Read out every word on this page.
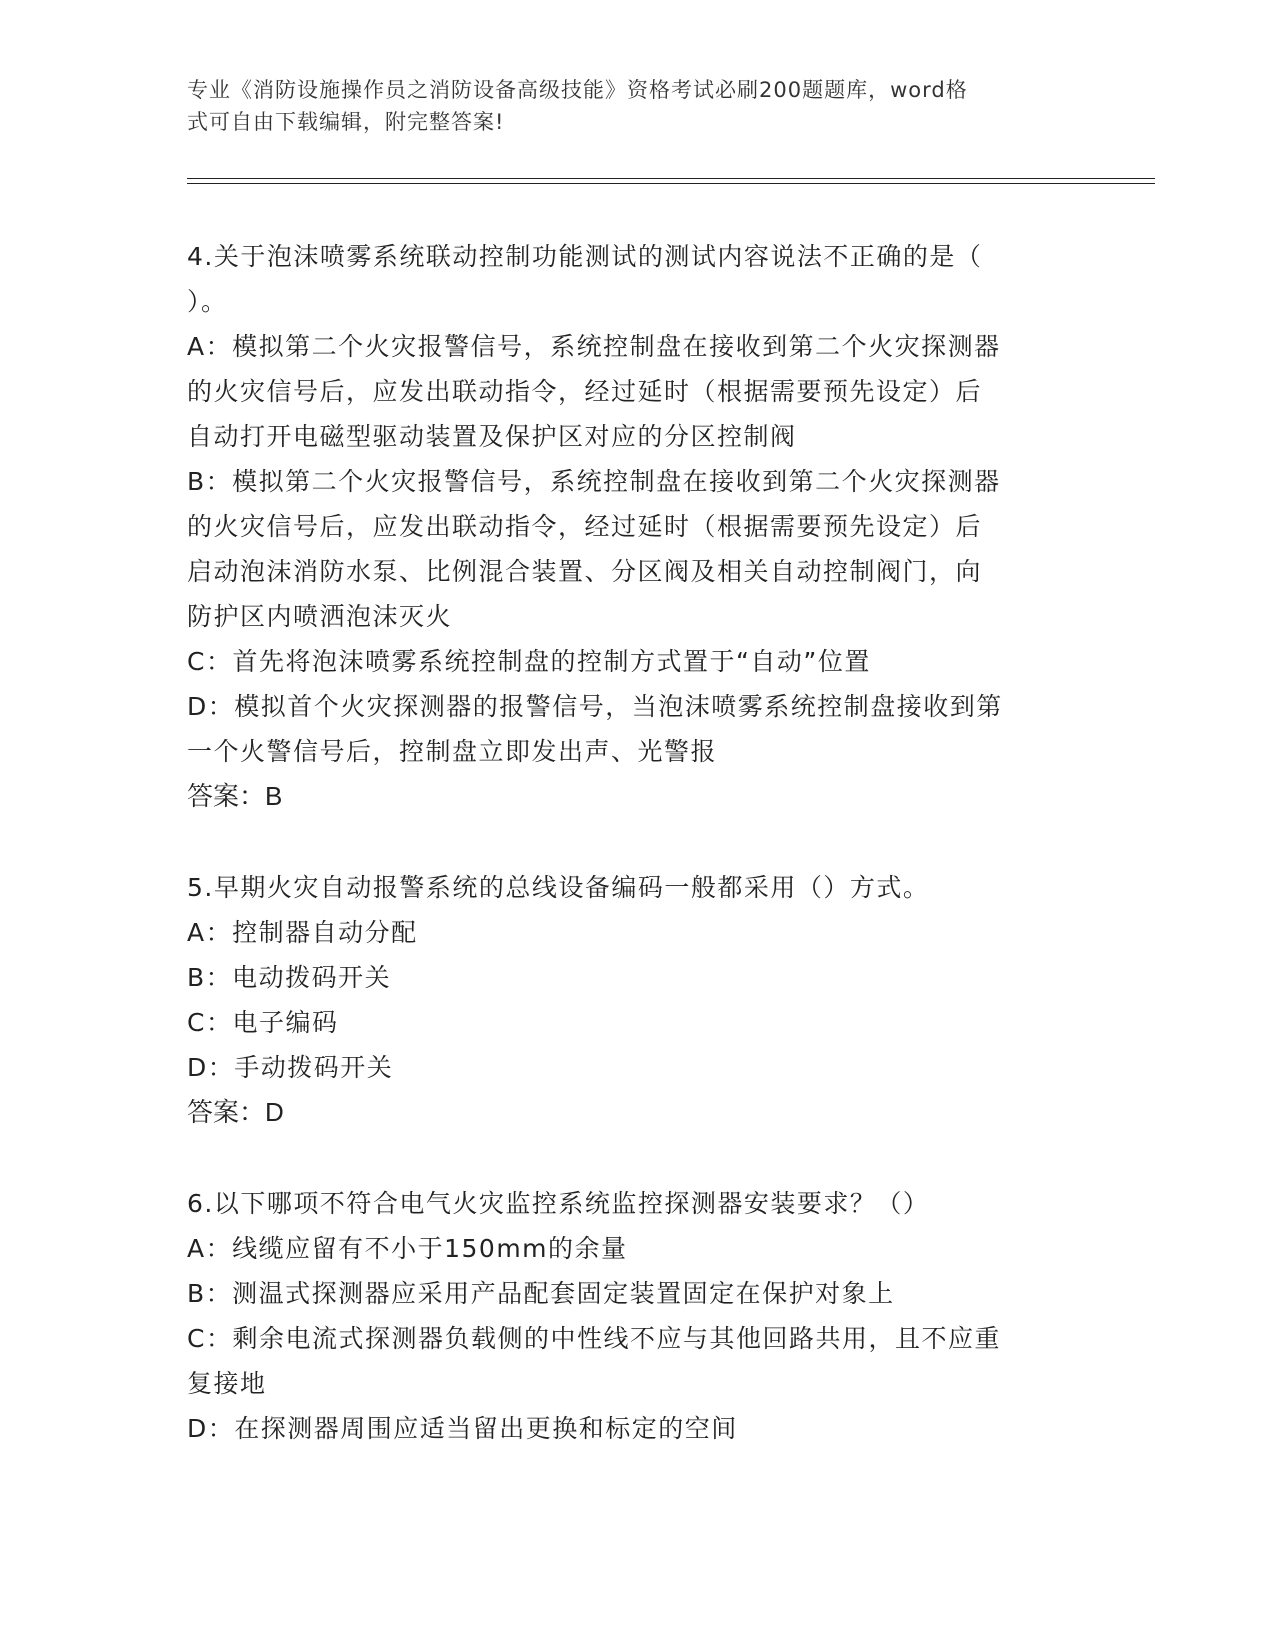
专业《消防设施操作员之消防设备高级技能》资格考试必刷200题题库，word格
式可自由下载编辑，附完整答案!
4.关于泡沫喷雾系统联动控制功能测试的测试内容说法不正确的是（
）。
A：模拟第二个火灾报警信号，系统控制盘在接收到第二个火灾探测器
的火灾信号后，应发出联动指令，经过延时（根据需要预先设定）后
自动打开电磁型驱动装置及保护区对应的分区控制阀
B：模拟第二个火灾报警信号，系统控制盘在接收到第二个火灾探测器
的火灾信号后，应发出联动指令，经过延时（根据需要预先设定）后
启动泡沫消防水泵、比例混合装置、分区阀及相关自动控制阀门，向
防护区内喷洒泡沫灭火
C：首先将泡沫喷雾系统控制盘的控制方式置于“自动”位置
D：模拟首个火灾探测器的报警信号，当泡沫喷雾系统控制盘接收到第
一个火警信号后，控制盘立即发出声、光警报
答案：B
5.早期火灾自动报警系统的总线设备编码一般都采用（）方式。
A：控制器自动分配
B：电动拨码开关
C：电子编码
D：手动拨码开关
答案：D
6.以下哪项不符合电气火灾监控系统监控探测器安装要求？（）
A：线缆应留有不小于150mm的余量
B：测温式探测器应采用产品配套固定装置固定在保护对象上
C：剩余电流式探测器负载侧的中性线不应与其他回路共用，且不应重
复接地
D：在探测器周围应适当留出更换和标定的空间
